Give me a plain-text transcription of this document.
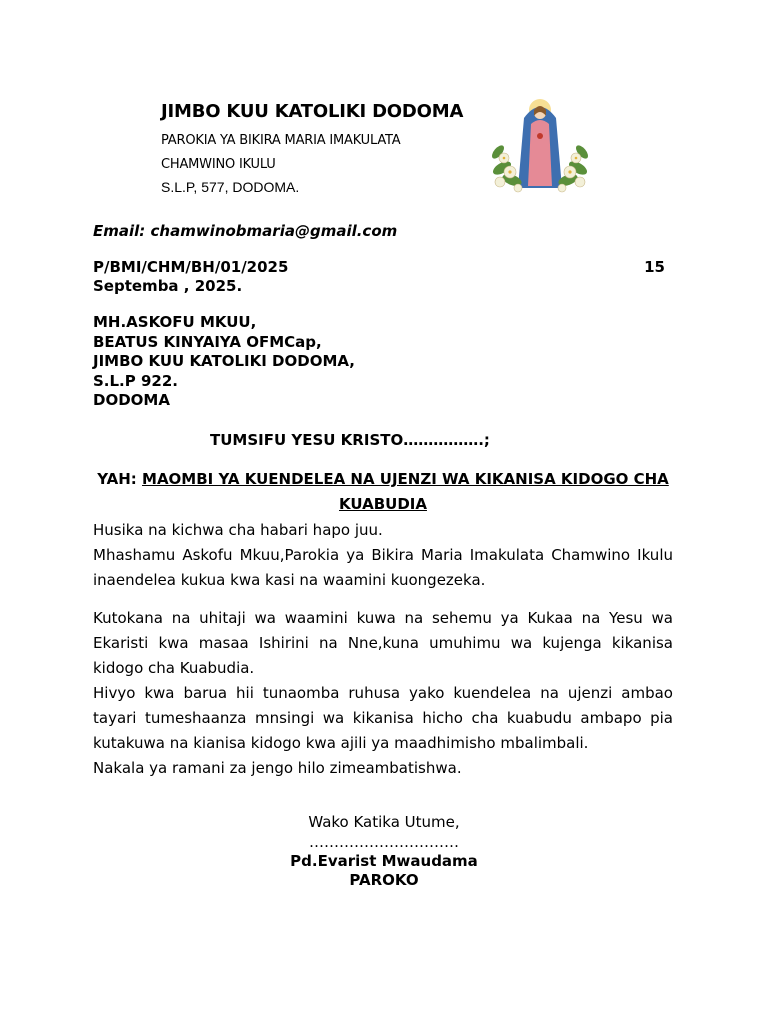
JIMBO KUU KATOLIKI DODOMA
PAROKIA YA BIKIRA MARIA IMAKULATA
CHAMWINO IKULU
S.L.P, 577, DODOMA.
Email: chamwinobmaria@gmail.com
P/BMI/CHM/BH/01/2025	15
Septemba , 2025.
MH.ASKOFU MKUU,
BEATUS KINYAIYA OFMCap,
JIMBO KUU KATOLIKI DODOMA,
S.L.P 922.
DODOMA
TUMSIFU YESU KRISTO…………….;
YAH: MAOMBI YA KUENDELEA NA UJENZI WA KIKANISA KIDOGO CHA KUABUDIA

Husika na kichwa cha habari hapo juu.

Mhashamu Askofu Mkuu,Parokia ya Bikira Maria Imakulata Chamwino Ikulu inaendelea kukua kwa kasi na waamini kuongezeka.

Kutokana na uhitaji wa waamini kuwa na sehemu ya Kukaa na Yesu wa Ekaristi kwa masaa Ishirini na Nne,kuna umuhimu wa kujenga kikanisa kidogo cha Kuabudia.

Hivyo kwa barua hii tunaomba ruhusa yako kuendelea na ujenzi ambao tayari tumeshaanza mnsingi wa kikanisa hicho cha kuabudu ambapo pia kutakuwa na kianisa kidogo kwa ajili ya maadhimisho mbalimbali.

Nakala ya ramani za jengo hilo zimeambatishwa.

Wako Katika Utume,
…………………………
Pd.Evarist Mwaudama
PAROKO
